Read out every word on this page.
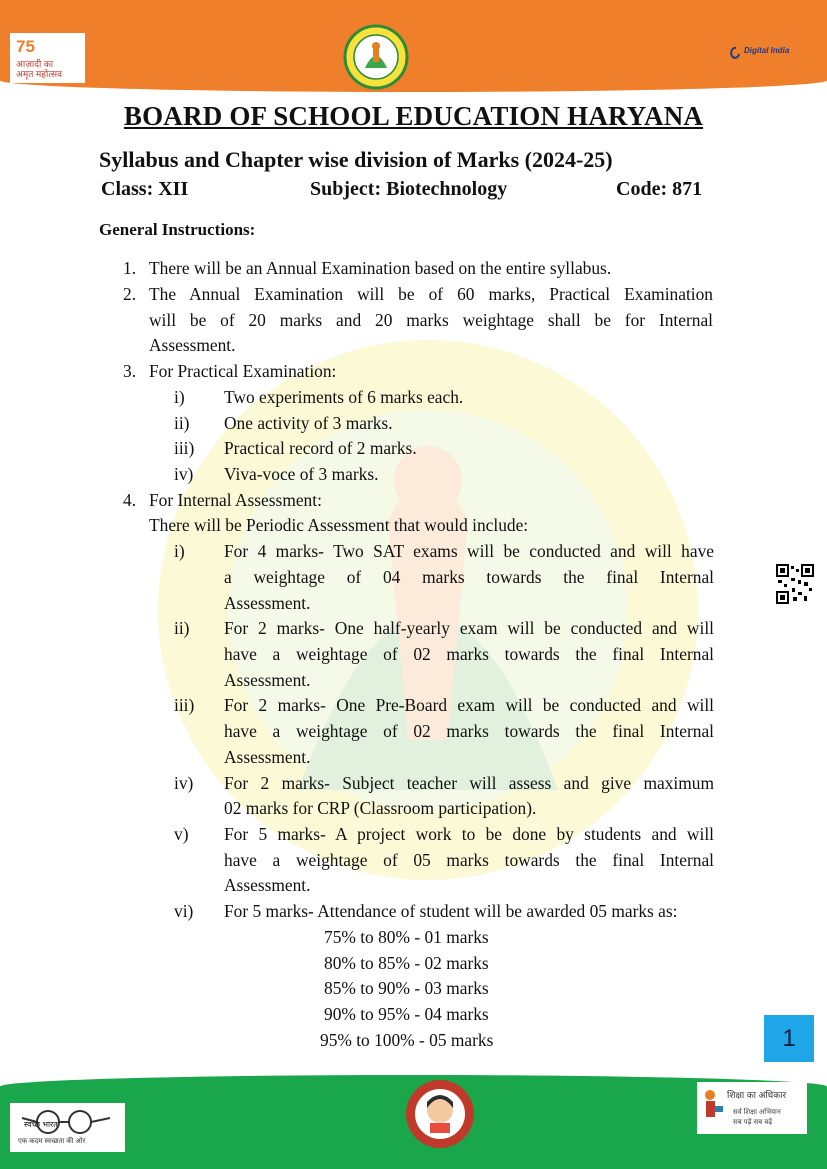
75
आज़ादी का
अमृत महोत्सव
Digital India
BOARD OF SCHOOL EDUCATION HARYANA
Syllabus and Chapter wise division of Marks (2024-25)
Class: XII	Subject: Biotechnology	Code: 871
General Instructions:
1. There will be an Annual Examination based on the entire syllabus.
2. The Annual Examination will be of 60 marks, Practical Examination
will be of 20 marks and 20 marks weightage shall be for Internal
Assessment.
3. For Practical Examination:
i) Two experiments of 6 marks each.
ii) One activity of 3 marks.
iii) Practical record of 2 marks.
iv) Viva-voce of 3 marks.
4. For Internal Assessment:
There will be Periodic Assessment that would include:
i) For 4 marks- Two SAT exams will be conducted and will have
a weightage of 04 marks towards the final Internal
Assessment.
ii) For 2 marks- One half-yearly exam will be conducted and will
have a weightage of 02 marks towards the final Internal
Assessment.
iii) For 2 marks- One Pre-Board exam will be conducted and will
have a weightage of 02 marks towards the final Internal
Assessment.
iv) For 2 marks- Subject teacher will assess and give maximum
02 marks for CRP (Classroom participation).
v) For 5 marks- A project work to be done by students and will
have a weightage of 05 marks towards the final Internal
Assessment.
vi) For 5 marks- Attendance of student will be awarded 05 marks as:
75% to 80% - 01 marks
80% to 85% - 02 marks
85% to 90% - 03 marks
90% to 95% - 04 marks
95% to 100% - 05 marks	1
स्वच्छ भारत
एक कदम स्वच्छता की ओर
शिक्षा का अधिकार
सर्व शिक्षा अभियान
सब पढ़ें सब बढ़ें
